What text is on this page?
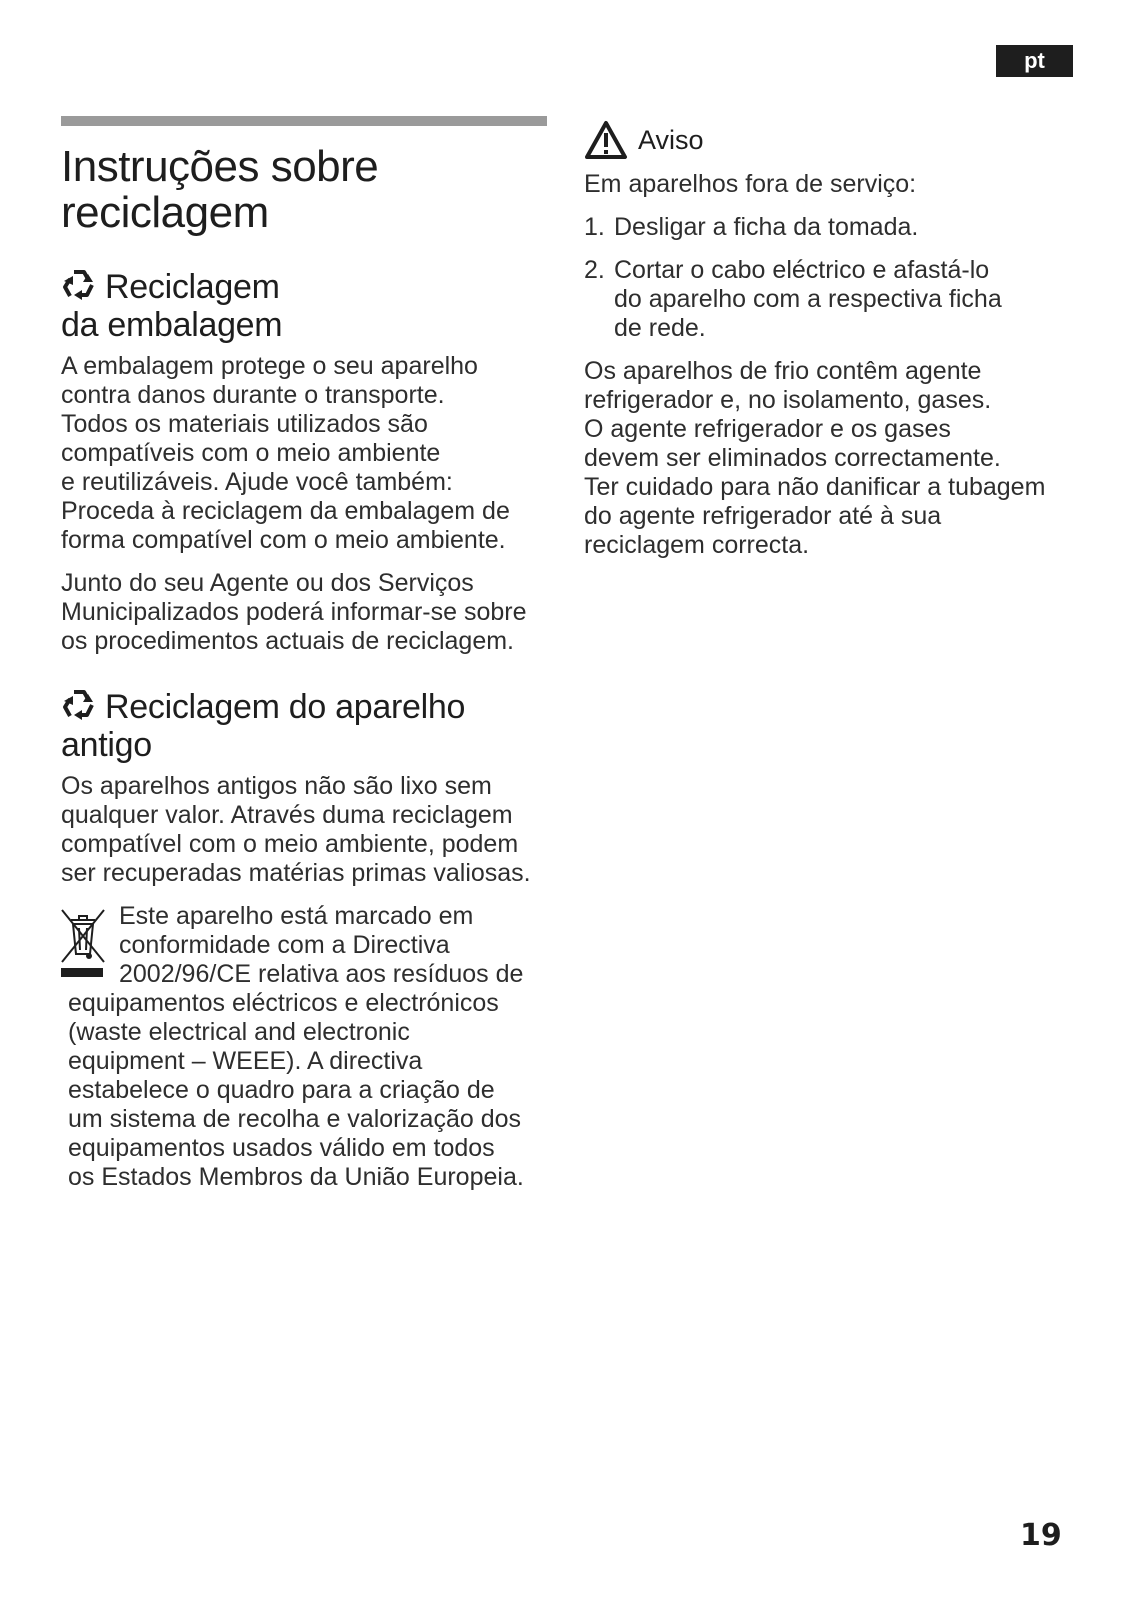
pt
Instruções sobre
reciclagem
Reciclagem
da embalagem

A embalagem protege o seu aparelho
contra danos durante o transporte.
Todos os materiais utilizados são
compatíveis com o meio ambiente
e reutilizáveis. Ajude você também:
Proceda à reciclagem da embalagem de
forma compatível com o meio ambiente.

Junto do seu Agente ou dos Serviços
Municipalizados poderá informar-se sobre
os procedimentos actuais de reciclagem.

Reciclagem do aparelho
antigo

Os aparelhos antigos não são lixo sem
qualquer valor. Através duma reciclagem
compatível com o meio ambiente, podem
ser recuperadas matérias primas valiosas.

Este aparelho está marcado em
conformidade com a Directiva
2002/96/CE relativa aos resíduos de

equipamentos eléctricos e electrónicos
(waste electrical and electronic
equipment – WEEE). A directiva
estabelece o quadro para a criação de
um sistema de recolha e valorização dos
equipamentos usados válido em todos
os Estados Membros da União Europeia.

Aviso

Em aparelhos fora de serviço:

1. Desligar a ficha da tomada.
2. Cortar o cabo eléctrico e afastá-lo
do aparelho com a respectiva ficha
de rede.

Os aparelhos de frio contêm agente
refrigerador e, no isolamento, gases.
O agente refrigerador e os gases
devem ser eliminados correctamente.
Ter cuidado para não danificar a tubagem
do agente refrigerador até à sua
reciclagem correcta.

19
